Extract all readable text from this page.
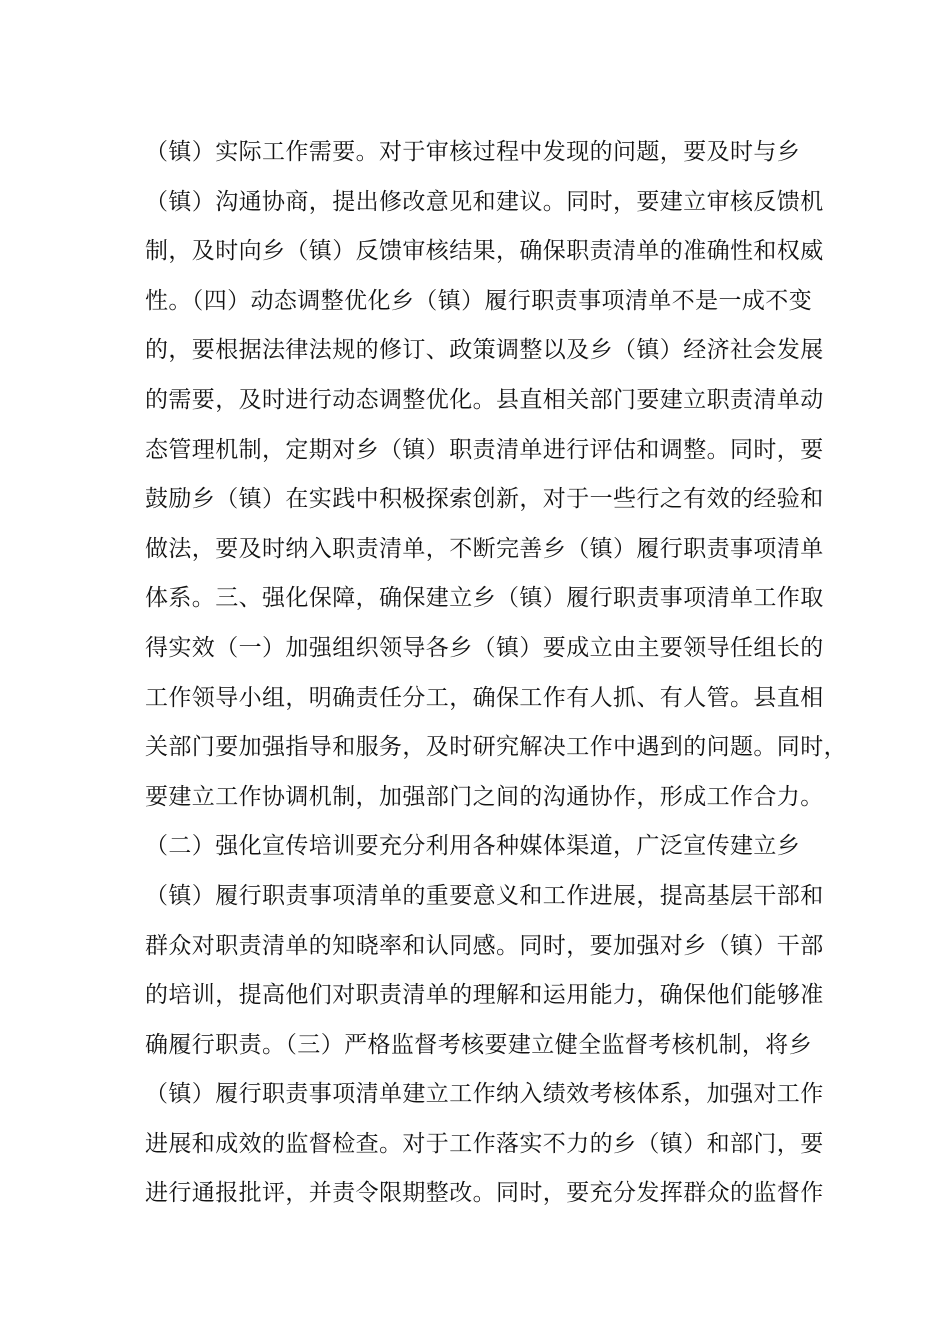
（镇）实际工作需要。对于审核过程中发现的问题，要及时与乡
（镇）沟通协商，提出修改意见和建议。同时，要建立审核反馈机
制，及时向乡（镇）反馈审核结果，确保职责清单的准确性和权威
性。（四）动态调整优化乡（镇）履行职责事项清单不是一成不变
的，要根据法律法规的修订、政策调整以及乡（镇）经济社会发展
的需要，及时进行动态调整优化。县直相关部门要建立职责清单动
态管理机制，定期对乡（镇）职责清单进行评估和调整。同时，要
鼓励乡（镇）在实践中积极探索创新，对于一些行之有效的经验和
做法，要及时纳入职责清单，不断完善乡（镇）履行职责事项清单
体系。三、强化保障，确保建立乡（镇）履行职责事项清单工作取
得实效（一）加强组织领导各乡（镇）要成立由主要领导任组长的
工作领导小组，明确责任分工，确保工作有人抓、有人管。县直相
关部门要加强指导和服务，及时研究解决工作中遇到的问题。同时，
要建立工作协调机制，加强部门之间的沟通协作，形成工作合力。
（二）强化宣传培训要充分利用各种媒体渠道，广泛宣传建立乡
（镇）履行职责事项清单的重要意义和工作进展，提高基层干部和
群众对职责清单的知晓率和认同感。同时，要加强对乡（镇）干部
的培训，提高他们对职责清单的理解和运用能力，确保他们能够准
确履行职责。（三）严格监督考核要建立健全监督考核机制，将乡
（镇）履行职责事项清单建立工作纳入绩效考核体系，加强对工作
进展和成效的监督检查。对于工作落实不力的乡（镇）和部门，要
进行通报批评，并责令限期整改。同时，要充分发挥群众的监督作
